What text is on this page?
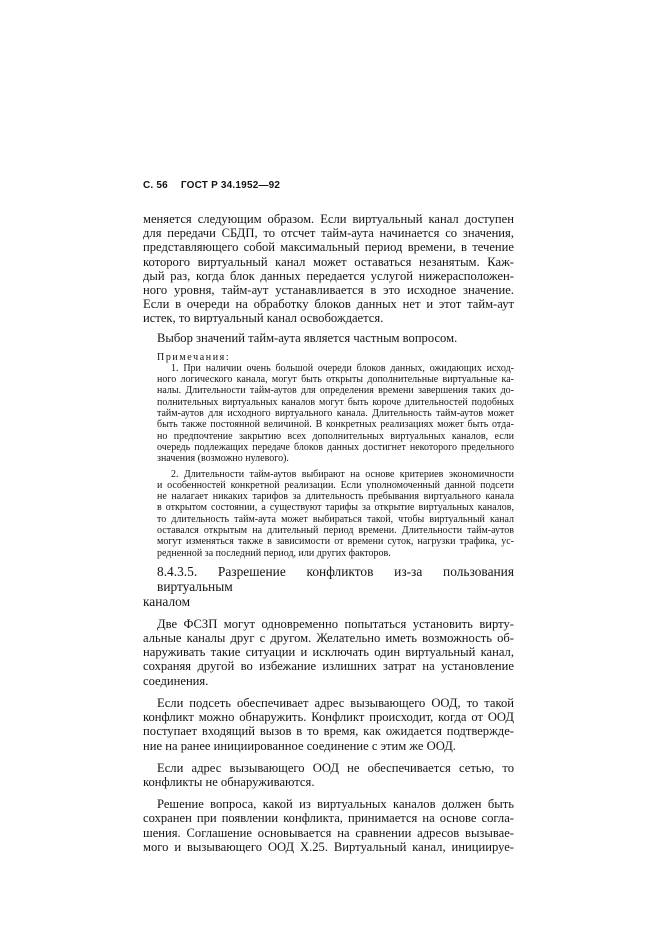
С. 56 ГОСТ Р 34.1952—92
меняется следующим образом. Если виртуальный канал доступен
для передачи СБДП, то отсчет тайм-аута начинается со значения,
представляющего собой максимальный период времени, в течение
которого виртуальный канал может оставаться незанятым. Каж-
дый раз, когда блок данных передается услугой нижерасположен-
ного уровня, тайм-аут устанавливается в это исходное значение.
Если в очереди на обработку блоков данных нет и этот тайм-аут
истек, то виртуальный канал освобождается.
Выбор значений тайм-аута является частным вопросом.
Примечания:
1. При наличии очень большой очереди блоков данных, ожидающих исход-
ного логического канала, могут быть открыты дополнительные виртуальные ка-
налы. Длительности тайм-аутов для определения времени завершения таких до-
полнительных виртуальных каналов могут быть короче длительностей подобных
тайм-аутов для исходного виртуального канала. Длительность тайм-аутов может
быть также постоянной величиной. В конкретных реализациях может быть отда-
но предпочтение закрытию всех дополнительных виртуальных каналов, если
очередь подлежащих передаче блоков данных достигнет некоторого предельного
значения (возможно нулевого).
2. Длительности тайм-аутов выбирают на основе критериев экономичности
и особенностей конкретной реализации. Если уполномоченный данной подсети
не налагает никаких тарифов за длительность пребывания виртуального канала
в открытом состоянии, а существуют тарифы за открытие виртуальных каналов,
то длительность тайм-аута может выбираться такой, чтобы виртуальный канал
оставался открытым на длительный период времени. Длительности тайм-аутов
могут изменяться также в зависимости от времени суток, нагрузки трафика, ус-
редненной за последний период, или других факторов.
8.4.3.5. Разрешение конфликтов из-за пользования виртуальным
каналом
Две ФСЗП могут одновременно попытаться установить вирту-
альные каналы друг с другом. Желательно иметь возможность об-
наруживать такие ситуации и исключать один виртуальный канал,
сохраняя другой во избежание излишних затрат на установление
соединения.
Если подсеть обеспечивает адрес вызывающего ООД, то такой
конфликт можно обнаружить. Конфликт происходит, когда от ООД
поступает входящий вызов в то время, как ожидается подтвержде-
ние на ранее инициированное соединение с этим же ООД.
Если адрес вызывающего ООД не обеспечивается сетью, то
конфликты не обнаруживаются.
Решение вопроса, какой из виртуальных каналов должен быть
сохранен при появлении конфликта, принимается на основе согла-
шения. Соглашение основывается на сравнении адресов вызывае-
мого и вызывающего ООД X.25. Виртуальный канал, инициируе-
